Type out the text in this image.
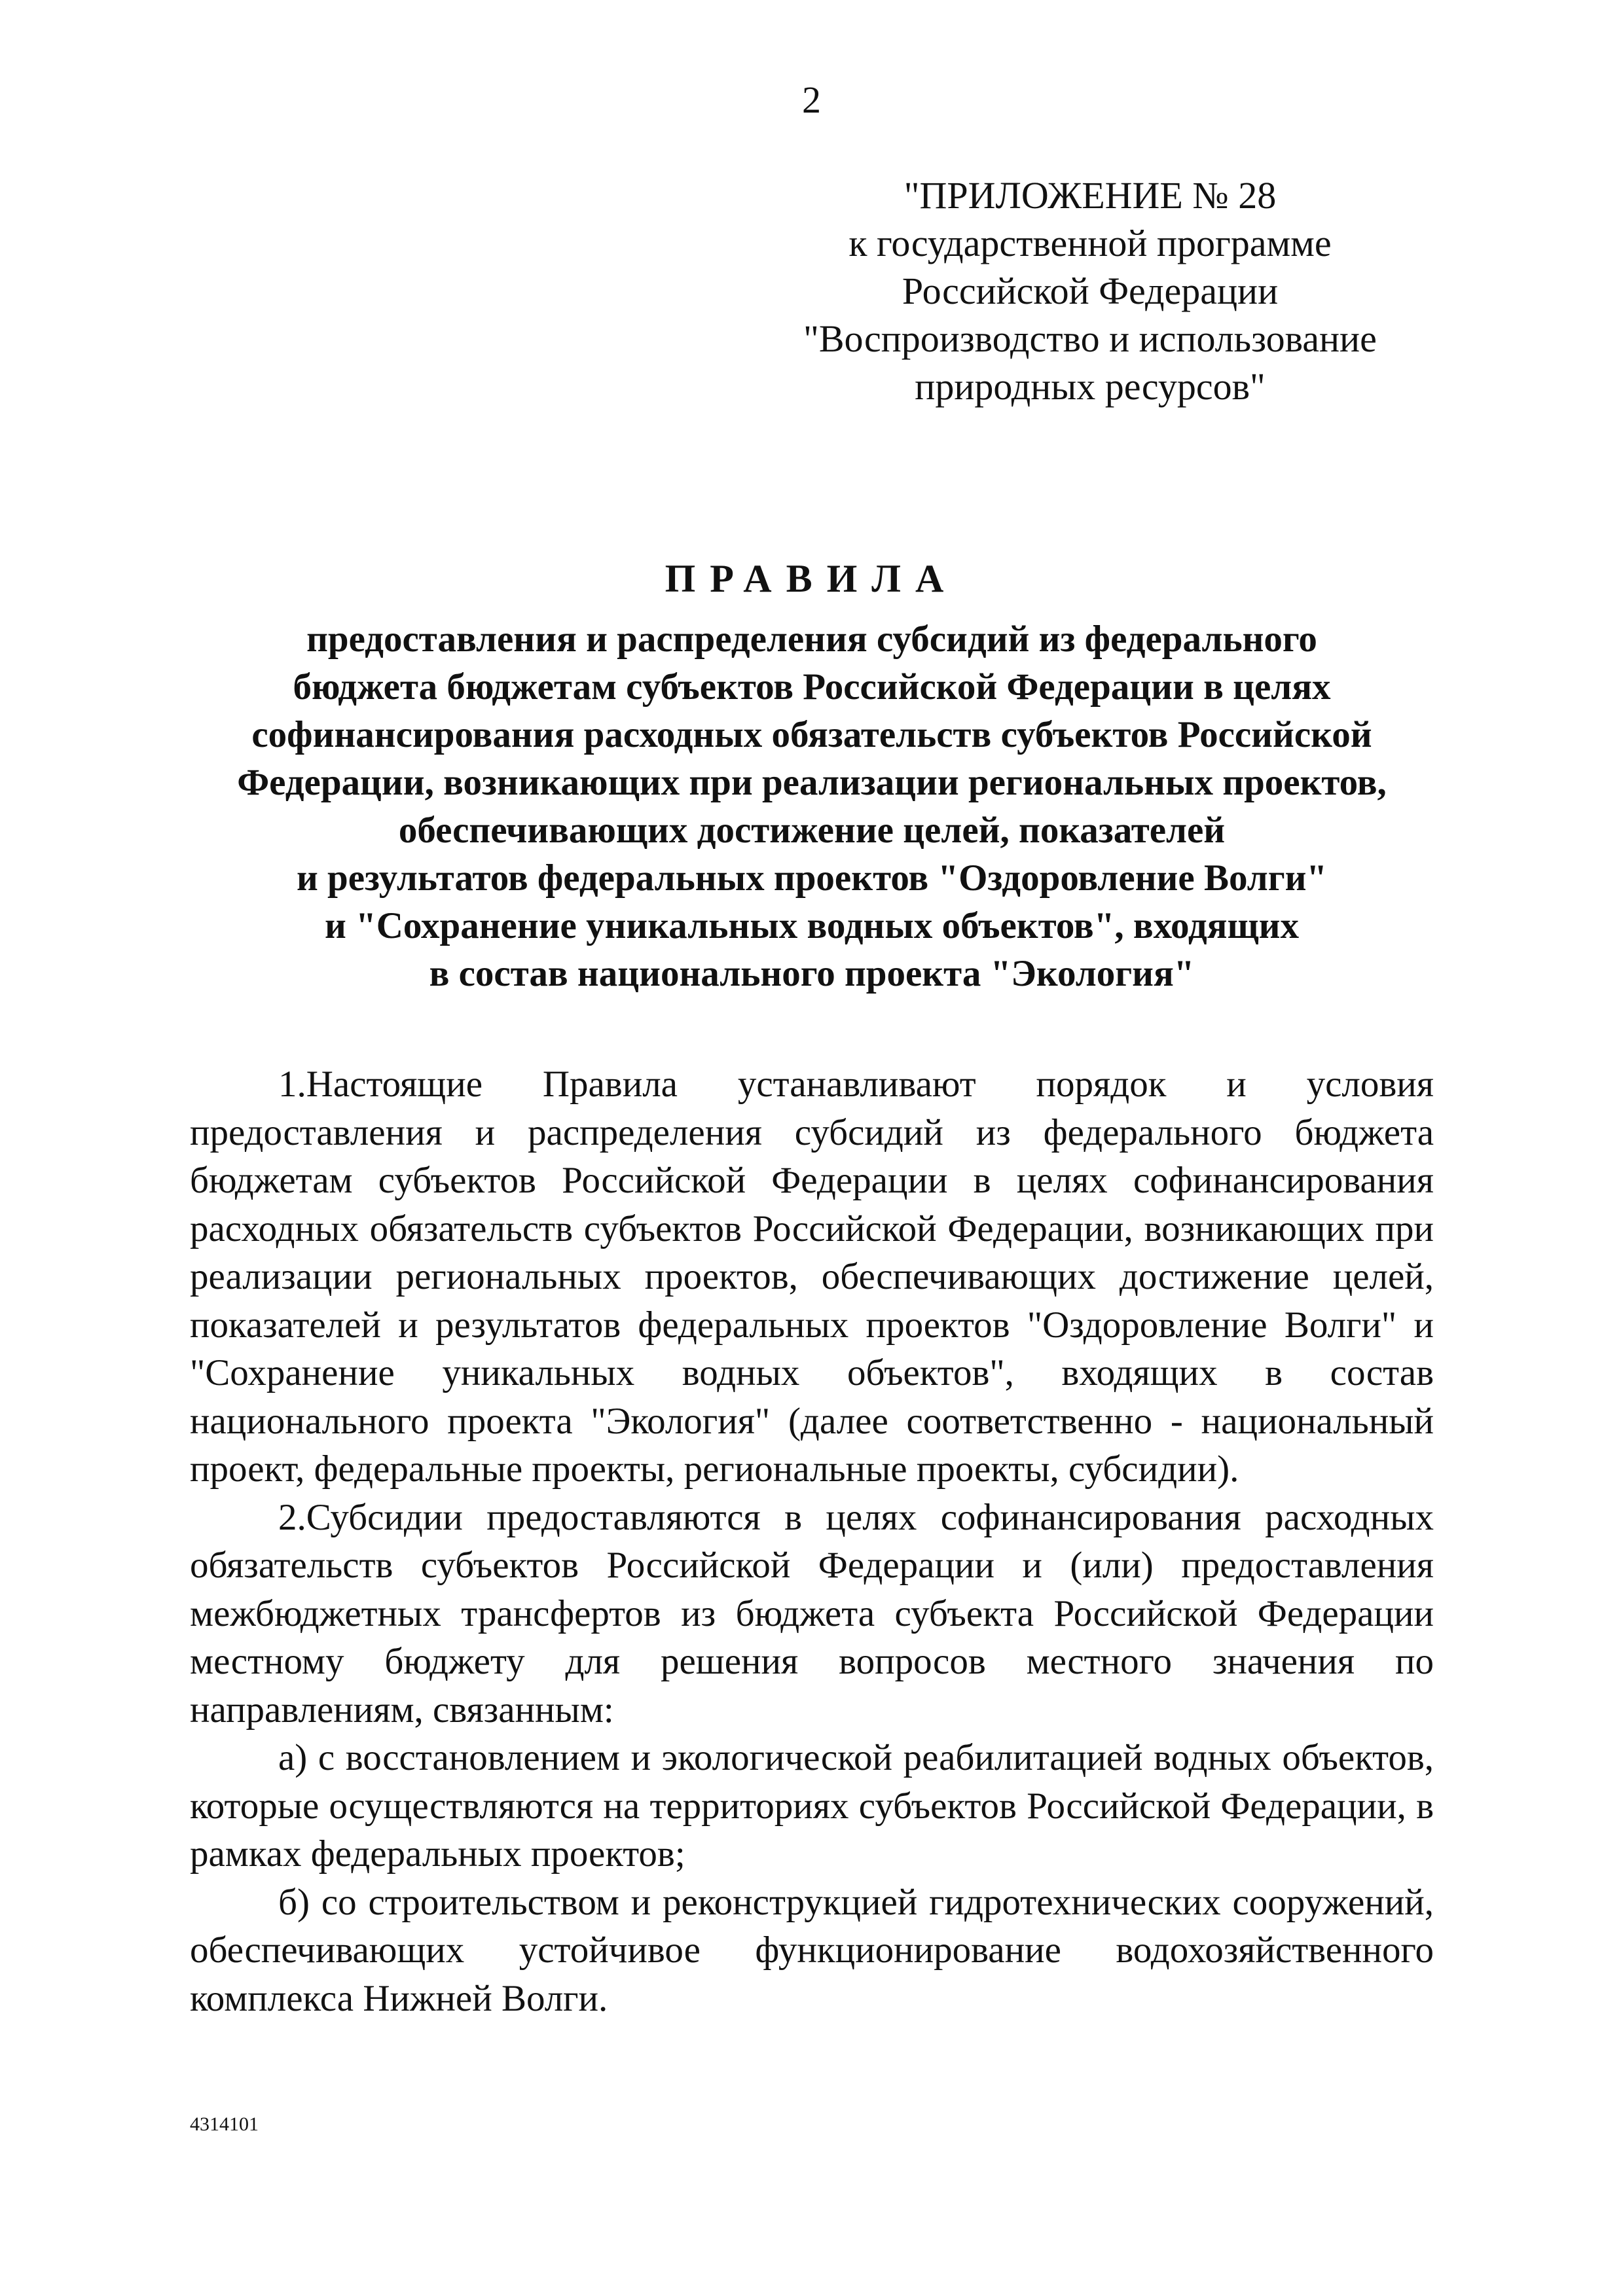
2
"ПРИЛОЖЕНИЕ № 28
к государственной программе
Российской Федерации
"Воспроизводство и использование
природных ресурсов"
ПРАВИЛА
предоставления и распределения субсидий из федерального
бюджета бюджетам субъектов Российской Федерации в целях
софинансирования расходных обязательств субъектов Российской
Федерации, возникающих при реализации региональных проектов,
обеспечивающих достижение целей, показателей
и результатов федеральных проектов "Оздоровление Волги"
и "Сохранение уникальных водных объектов", входящих
в состав национального проекта "Экология"

1.Настоящие Правила устанавливают порядок и условия предоставления и распределения субсидий из федерального бюджета бюджетам субъектов Российской Федерации в целях софинансирования расходных обязательств субъектов Российской Федерации, возникающих при реализации региональных проектов, обеспечивающих достижение целей, показателей и результатов федеральных проектов "Оздоровление Волги" и "Сохранение уникальных водных объектов", входящих в состав национального проекта "Экология" (далее соответственно - национальный проект, федеральные проекты, региональные проекты, субсидии).

2.Субсидии предоставляются в целях софинансирования расходных обязательств субъектов Российской Федерации и (или) предоставления межбюджетных трансфертов из бюджета субъекта Российской Федерации местному бюджету для решения вопросов местного значения по направлениям, связанным:

а) с восстановлением и экологической реабилитацией водных объектов, которые осуществляются на территориях субъектов Российской Федерации, в рамках федеральных проектов;

б) со строительством и реконструкцией гидротехнических сооружений, обеспечивающих устойчивое функционирование водохозяйственного комплекса Нижней Волги.

4314101
